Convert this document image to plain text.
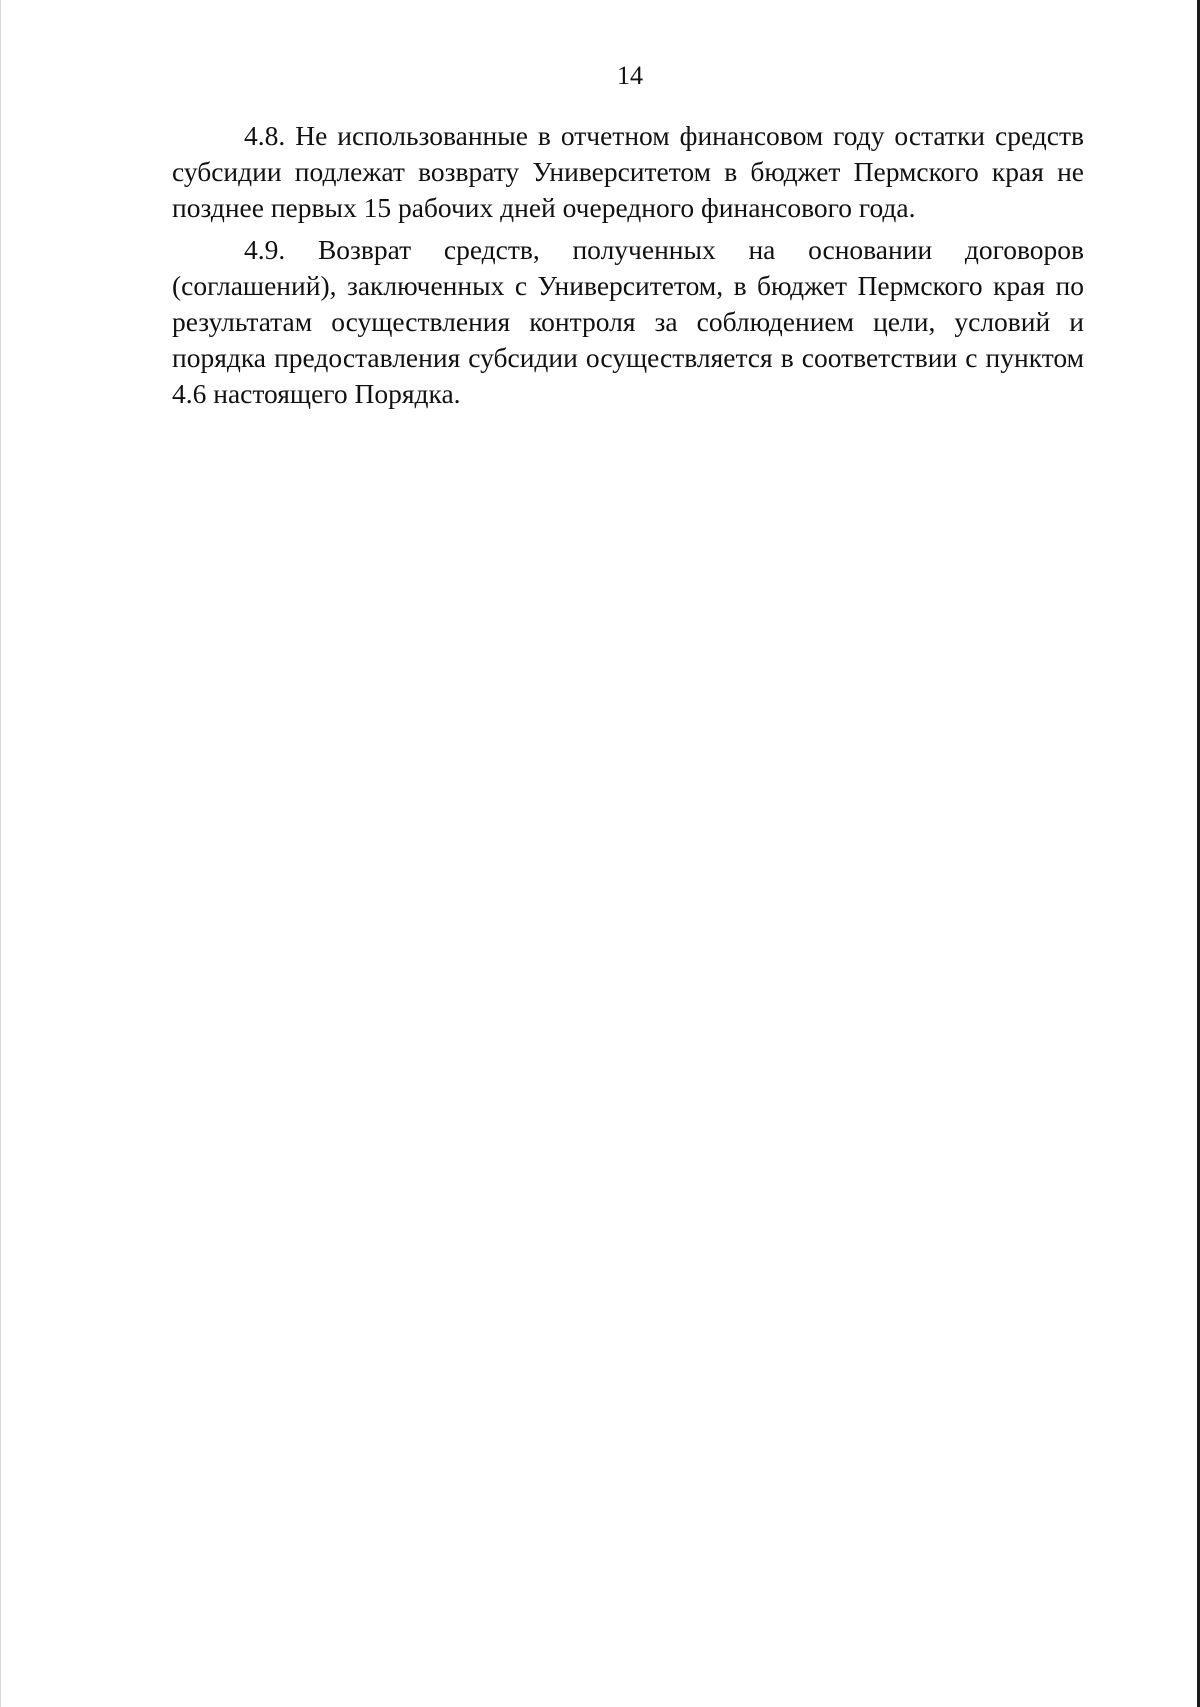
14

4.8. Не использованные в отчетном финансовом году остатки средств субсидии подлежат возврату Университетом в бюджет Пермского края не позднее первых 15 рабочих дней очередного финансового года.

4.9. Возврат средств, полученных на основании договоров (соглашений), заключенных с Университетом, в бюджет Пермского края по результатам осуществления контроля за соблюдением цели, условий и порядка предоставления субсидии осуществляется в соответствии с пунктом 4.6 настоящего Порядка.
